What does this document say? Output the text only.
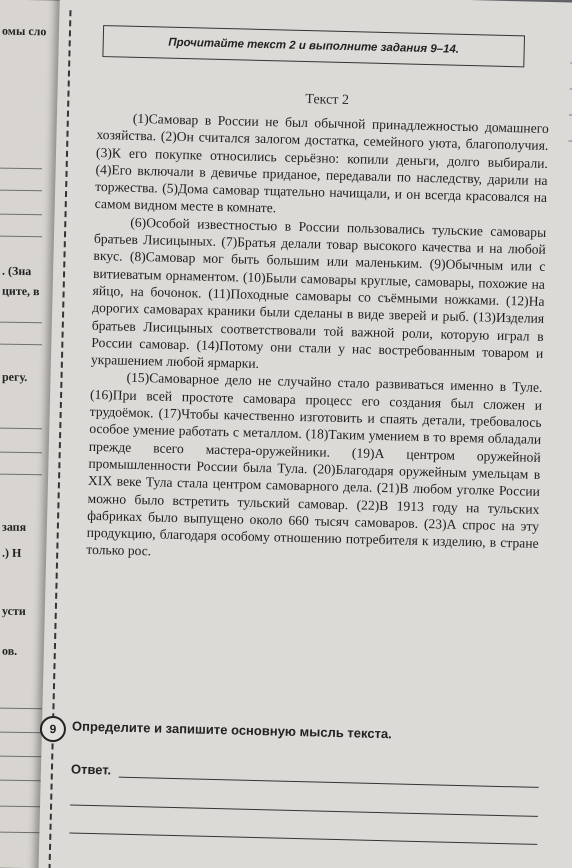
омы сло
. (Зна
ците, в
регу.
запя
.) Н
усти
ов.
Прочитайте текст 2 и выполните задания 9–14.
Текст 2

(1)Самовар в России не был обычной принадлежностью домашнего хозяйства. (2)Он считался залогом достатка, семейного уюта, благополучия. (3)К его покупке относились серьёзно: копили деньги, долго выбирали. (4)Его включали в девичье приданое, передавали по наследству, дарили на торжества. (5)Дома самовар тщательно начищали, и он всегда красовался на самом видном месте в комнате.

(6)Особой известностью в России пользовались тульские самовары братьев Лисицыных. (7)Братья делали товар высокого качества и на любой вкус. (8)Самовар мог быть большим или маленьким. (9)Обычным или с витиеватым орнаментом. (10)Были самовары круглые, самовары, похожие на яйцо, на бочонок. (11)Походные самовары со съёмными ножками. (12)На дорогих самоварах краники были сделаны в виде зверей и рыб. (13)Изделия братьев Лисицыных соответствовали той важной роли, которую играл в России самовар. (14)Потому они стали у нас востребованным товаром и украшением любой ярмарки.

(15)Самоварное дело не случайно стало развиваться именно в Туле. (16)При всей простоте самовара процесс его создания был сложен и трудоёмок. (17)Чтобы качественно изготовить и спаять детали, требовалось особое умение работать с металлом. (18)Таким умением в то время обладали прежде всего мастера-оружейники. (19)А центром оружейной промышленности России была Тула. (20)Благодаря оружейным умельцам в XIX веке Тула стала центром самоварного дела. (21)В любом уголке России можно было встретить тульский самовар. (22)В 1913 году на тульских фабриках было выпущено около 660 тысяч самоваров. (23)А спрос на эту продукцию, благодаря особому отношению потребителя к изделию, в стране только рос.

9	Определите и запишите основную мысль текста.
Ответ.
